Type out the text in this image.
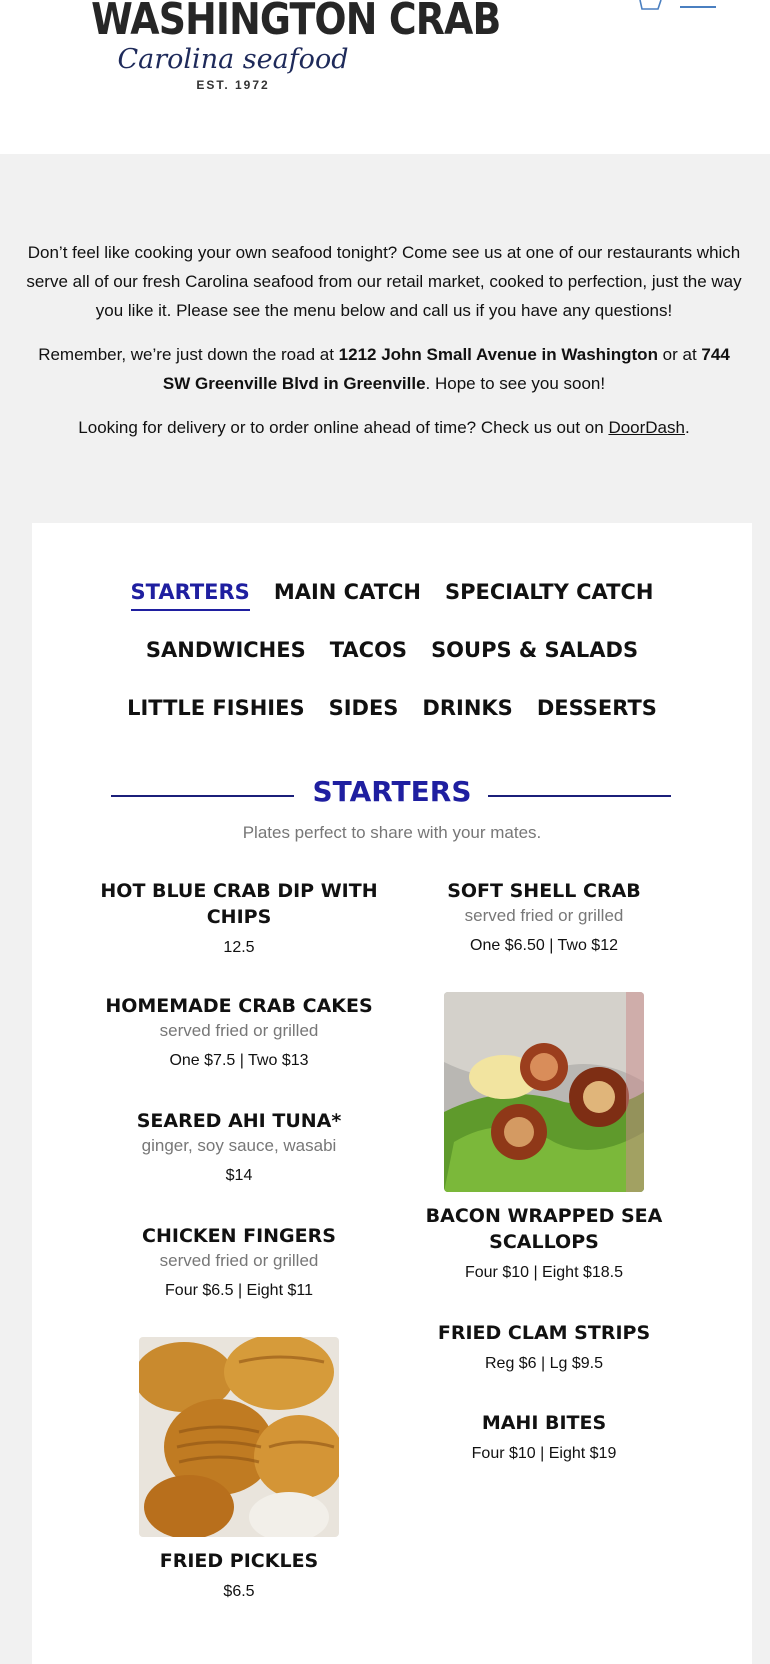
WASHINGTON CRAB
Carolina seafood
EST. 1972

Don’t feel like cooking your own seafood tonight? Come see us at one of our restaurants which serve all of our fresh Carolina seafood from our retail market, cooked to perfection, just the way you like it. Please see the menu below and call us if you have any questions!

Remember, we’re just down the road at 1212 John Small Avenue in Washington or at 744 SW Greenville Blvd in Greenville. Hope to see you soon!

Looking for delivery or to order online ahead of time? Check us out on DoorDash.

STARTERS MAIN CATCH SPECIALTY CATCH
SANDWICHES TACOS SOUPS & SALADS
LITTLE FISHIES SIDES DRINKS DESSERTS
STARTERS
Plates perfect to share with your mates.
HOT BLUE CRAB DIP WITH CHIPS
12.5
HOMEMADE CRAB CAKES
served fried or grilled
One $7.5 | Two $13
SEARED AHI TUNA*
ginger, soy sauce, wasabi
$14
CHICKEN FINGERS
served fried or grilled
Four $6.5 | Eight $11
FRIED PICKLES
$6.5
SOFT SHELL CRAB
served fried or grilled
One $6.50 | Two $12
BACON WRAPPED SEA SCALLOPS
Four $10 | Eight $18.5
FRIED CLAM STRIPS
Reg $6 | Lg $9.5
MAHI BITES
Four $10 | Eight $19
